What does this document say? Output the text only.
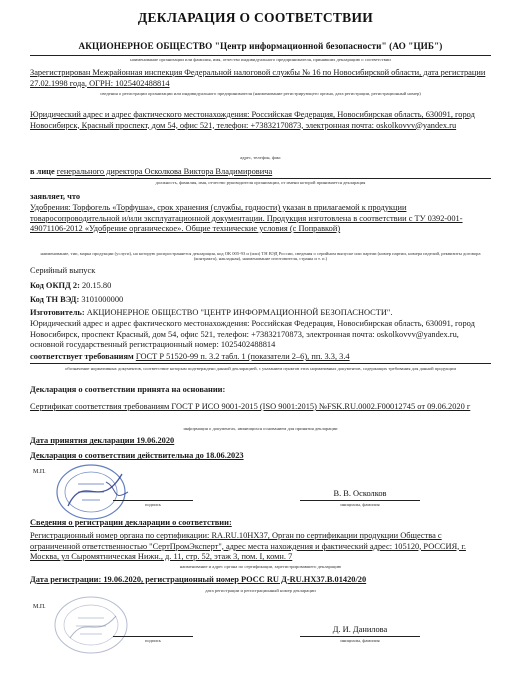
ДЕКЛАРАЦИЯ О СООТВЕТСТВИИ
АКЦИОНЕРНОЕ ОБЩЕСТВО "Центр информационной безопасности" (АО "ЦИБ")
наименование организации или фамилия, имя, отчество индивидуального предпринимателя, принявших декларацию о соответствии
Зарегистрирован Межрайонная инспекция Федеральной налоговой службы № 16 по Новосибирской области, дата регистрации 27.02.1998 года, ОГРН: 1025402488814
сведения о регистрации организации или индивидуального предпринимателя (наименование регистрирующего органа, дата регистрации, регистрационный номер)
Юридический адрес и адрес фактического местонахождения: Российская Федерация, Новосибирская область, 630091, город Новосибирск, Красный проспект, дом 54, офис 521, телефон: +73832170873, электронная почта: oskolkovvv@yandex.ru
адрес, телефон, факс
в лице генерального директора Осколкова Виктора Владимировича
должность, фамилия, имя, отчество руководителя организации, от имени которой принимается декларация
заявляет, что
Удобрения: Торфогель «Торфуша», срок хранения (службы, годности) указан в прилагаемой к продукции товаросопроводительной и/или эксплуатационной документации. Продукция изготовлена в соответствии с ТУ 0392-001-49071106-2012 «Удобрение органическое». Общие технические условия (с Поправкой)
наименование, тип, марка продукции (услуги), на которую распространяется декларация, код ОК 005-93 и (или) ТН ВЭД России, сведения о серийном выпуске или партии (номер партии, номера изделий, реквизиты договора (контракта), накладная), наименование изготовителя, страны и т. п.)
Серийный выпуск
Код ОКПД 2: 20.15.80
Код ТН ВЭД: 3101000000
Изготовитель: АКЦИОНЕРНОЕ ОБЩЕСТВО "ЦЕНТР ИНФОРМАЦИОННОЙ БЕЗОПАСНОСТИ".
Юридический адрес и адрес фактического местонахождения: Российская Федерация, Новосибирская область, 630091, город Новосибирск, проспект Красный, дом 54, офис 521, телефон: +73832170873, электронная почта: oskolkovvv@yandex.ru, основной государственный регистрационный номер: 1025402488814
соответствует требованиям ГОСТ Р 51520-99 п. 3.2 табл. 1 (показатели 2–6), пп. 3.3, 3.4
обозначение нормативных документов, соответствие которым подтверждено данной декларацией, с указанием пунктов этих нормативных документов, содержащих требования для данной продукции
Декларация о соответствии принята на основании:
Сертификат соответствия требованиям ГОСТ Р ИСО 9001-2015 (ISO 9001:2015) №FSK.RU.0002.F00012745 от 09.06.2020 г
информация о документах, являющихся основанием для принятия декларации
Дата принятия декларации 19.06.2020
Декларация о соответствии действительна до 18.06.2023
М.П.
подпись
В. В. Осколков
инициалы, фамилия
Сведения о регистрации декларации о соответствии:
Регистрационный номер органа по сертификации: RA.RU.10НХ37, Орган по сертификации продукции Общества с ограниченной ответственностью "СертПромЭксперт", адрес места нахождения и фактический адрес: 105120, РОССИЯ, г. Москва, ул Сыромятническая Нижн., д. 11, стр. 52, этаж 3, пом. I, комн. 7
наименование и адрес органа по сертификации, зарегистрировавшего декларацию
Дата регистрации: 19.06.2020, регистрационный номер РОСС RU Д-RU.НХ37.В.01420/20
дата регистрации и регистрационный номер декларации
М.П.
подпись
Д. И. Данилова
инициалы, фамилия
